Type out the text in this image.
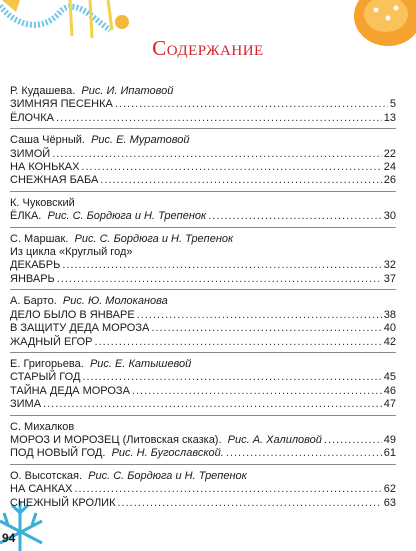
Содержание
Р. Кудашева. Рис. И. Ипатовой
ЗИМНЯЯ ПЕСЕНКА .....	5
ЁЛОЧКА .....	13
Саша Чёрный. Рис. Е. Муратовой
ЗИМОЙ .....	22
НА КОНЬКАХ .....	24
СНЕЖНАЯ БАБА .....	26
К. Чуковский
ЁЛКА. Рис. С. Бордюга и Н. Трепенок .....	30
С. Маршак. Рис. С. Бордюга и Н. Трепенок
Из цикла «Круглый год»
ДЕКАБРЬ .....	32
ЯНВАРЬ .....	37
А. Барто. Рис. Ю. Молоканова
ДЕЛО БЫЛО В ЯНВАРЕ .....	38
В ЗАЩИТУ ДЕДА МОРОЗА .....	40
ЖАДНЫЙ ЕГОР .....	42
Е. Григорьева. Рис. Е. Катышевой
СТАРЫЙ ГОД .....	45
ТАЙНА ДЕДА МОРОЗА .....	46
ЗИМА .....	47
С. Михалков
МОРОЗ И МОРОЗЕЦ (Литовская сказка). Рис. А. Халиловой .....	49
ПОД НОВЫЙ ГОД. Рис. Н. Бугославской. .....	61
О. Высотская. Рис. С. Бордюга и Н. Трепенок
НА САНКАХ .....	62
СНЕЖНЫЙ КРОЛИК .....	63
94
